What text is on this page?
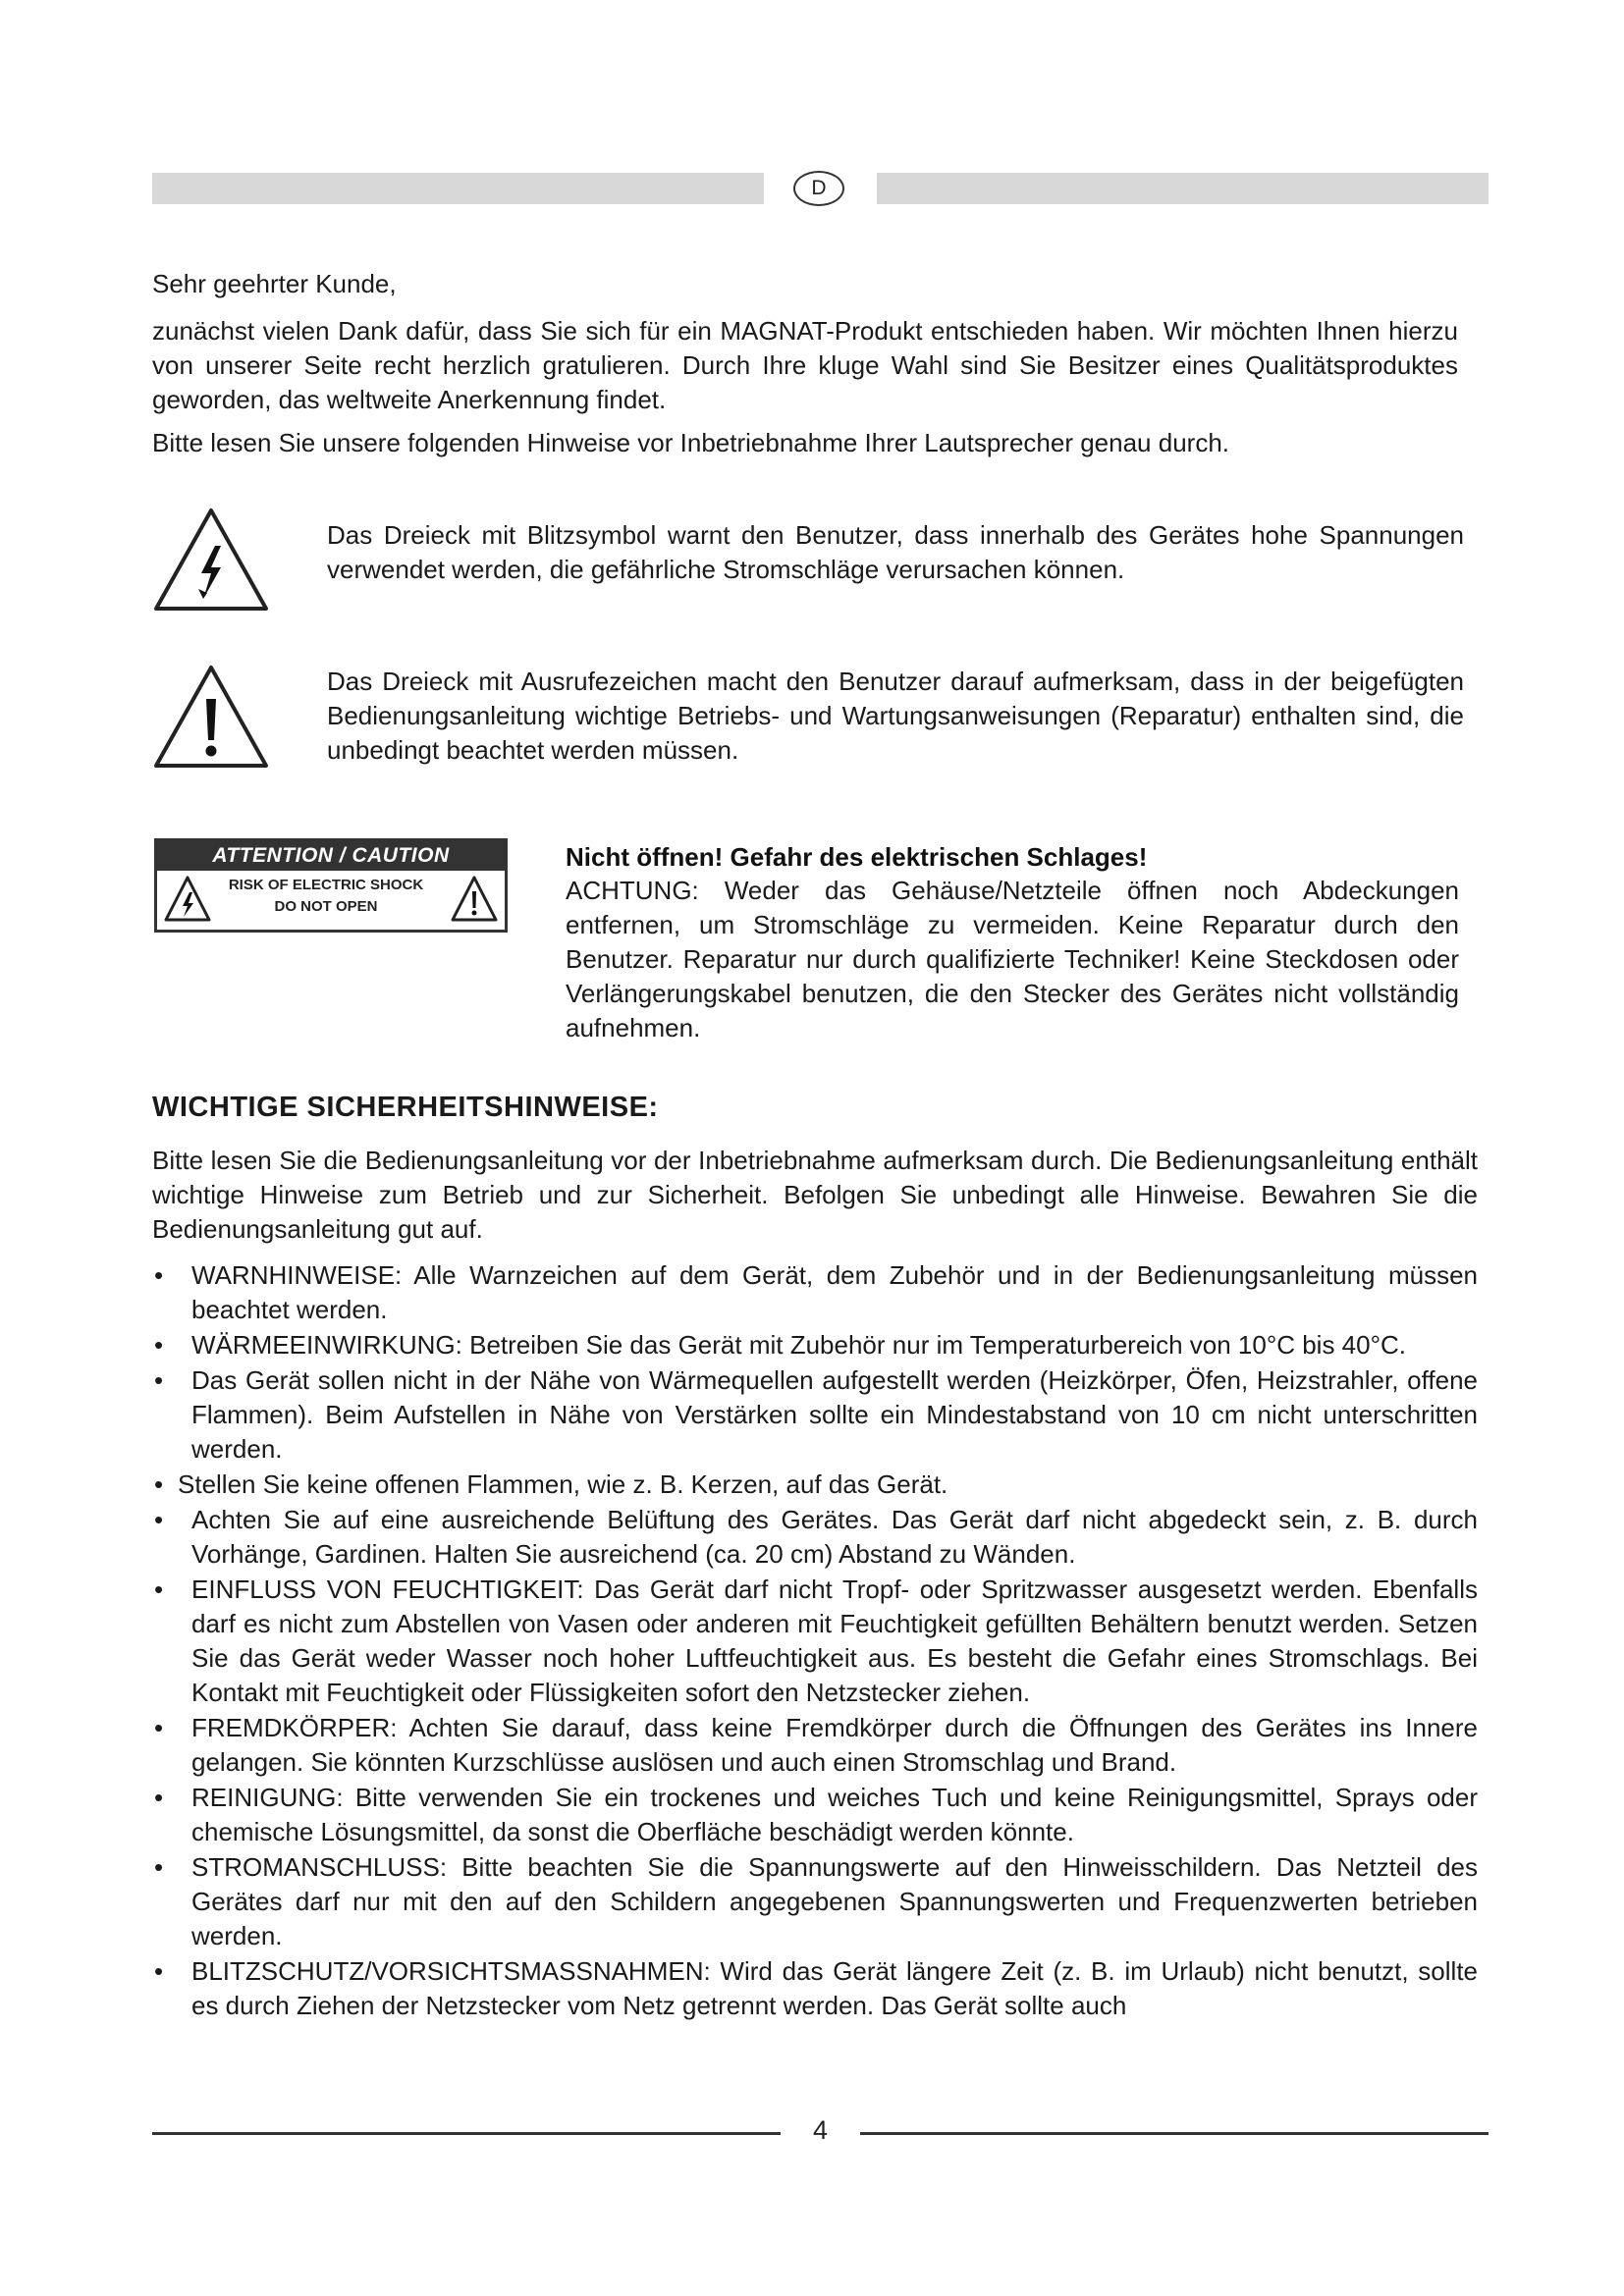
D

Sehr geehrter Kunde,

zunächst vielen Dank dafür, dass Sie sich für ein MAGNAT-Produkt entschieden haben. Wir möchten Ihnen hierzu von unserer Seite recht herzlich gratulieren. Durch Ihre kluge Wahl sind Sie Besitzer eines Qualitätsproduktes geworden, das weltweite Anerkennung findet.

Bitte lesen Sie unsere folgenden Hinweise vor Inbetriebnahme Ihrer Lautsprecher genau durch.

Das Dreieck mit Blitzsymbol warnt den Benutzer, dass innerhalb des Gerätes hohe Spannungen verwendet werden, die gefährliche Stromschläge verursachen können.

Das Dreieck mit Ausrufezeichen macht den Benutzer darauf aufmerksam, dass in der beigefügten Bedienungsanleitung wichtige Betriebs- und Wartungsanweisungen (Reparatur) enthalten sind, die unbedingt beachtet werden müssen.

ATTENTION / CAUTION
RISK OF ELECTRIC SHOCK
DO NOT OPEN

Nicht öffnen! Gefahr des elektrischen Schlages!

ACHTUNG: Weder das Gehäuse/Netzteile öffnen noch Abdeckungen entfernen, um Stromschläge zu vermeiden. Keine Reparatur durch den Benutzer. Reparatur nur durch qualifizierte Techniker! Keine Steckdosen oder Verlängerungskabel benutzen, die den Stecker des Gerätes nicht vollständig aufnehmen.

WICHTIGE SICHERHEITSHINWEISE:

Bitte lesen Sie die Bedienungsanleitung vor der Inbetriebnahme aufmerksam durch. Die Bedienungsanleitung enthält wichtige Hinweise zum Betrieb und zur Sicherheit. Befolgen Sie unbedingt alle Hinweise. Bewahren Sie die Bedienungsanleitung gut auf.

• WARNHINWEISE: Alle Warnzeichen auf dem Gerät, dem Zubehör und in der Bedienungsanleitung müssen beachtet werden.
• WÄRMEEINWIRKUNG: Betreiben Sie das Gerät mit Zubehör nur im Temperaturbereich von 10°C bis 40°C.
• Das Gerät sollen nicht in der Nähe von Wärmequellen aufgestellt werden (Heizkörper, Öfen, Heizstrahler, offene Flammen). Beim Aufstellen in Nähe von Verstärken sollte ein Mindestabstand von 10 cm nicht unterschritten werden.
• Stellen Sie keine offenen Flammen, wie z. B. Kerzen, auf das Gerät.
• Achten Sie auf eine ausreichende Belüftung des Gerätes. Das Gerät darf nicht abgedeckt sein, z. B. durch Vorhänge, Gardinen. Halten Sie ausreichend (ca. 20 cm) Abstand zu Wänden.
• EINFLUSS VON FEUCHTIGKEIT: Das Gerät darf nicht Tropf- oder Spritzwasser ausgesetzt werden. Ebenfalls darf es nicht zum Abstellen von Vasen oder anderen mit Feuchtigkeit gefüllten Behältern benutzt werden. Setzen Sie das Gerät weder Wasser noch hoher Luftfeuchtigkeit aus. Es besteht die Gefahr eines Stromschlags. Bei Kontakt mit Feuchtigkeit oder Flüssigkeiten sofort den Netzstecker ziehen.
• FREMDKÖRPER: Achten Sie darauf, dass keine Fremdkörper durch die Öffnungen des Gerätes ins Innere gelangen. Sie könnten Kurzschlüsse auslösen und auch einen Stromschlag und Brand.
• REINIGUNG: Bitte verwenden Sie ein trockenes und weiches Tuch und keine Reinigungsmittel, Sprays oder chemische Lösungsmittel, da sonst die Oberfläche beschädigt werden könnte.
• STROMANSCHLUSS: Bitte beachten Sie die Spannungswerte auf den Hinweisschildern. Das Netzteil des Gerätes darf nur mit den auf den Schildern angegebenen Spannungswerten und Frequenzwerten betrieben werden.
• BLITZSCHUTZ/VORSICHTSMASSNAHMEN: Wird das Gerät längere Zeit (z. B. im Urlaub) nicht benutzt, sollte es durch Ziehen der Netzstecker vom Netz getrennt werden. Das Gerät sollte auch
4
